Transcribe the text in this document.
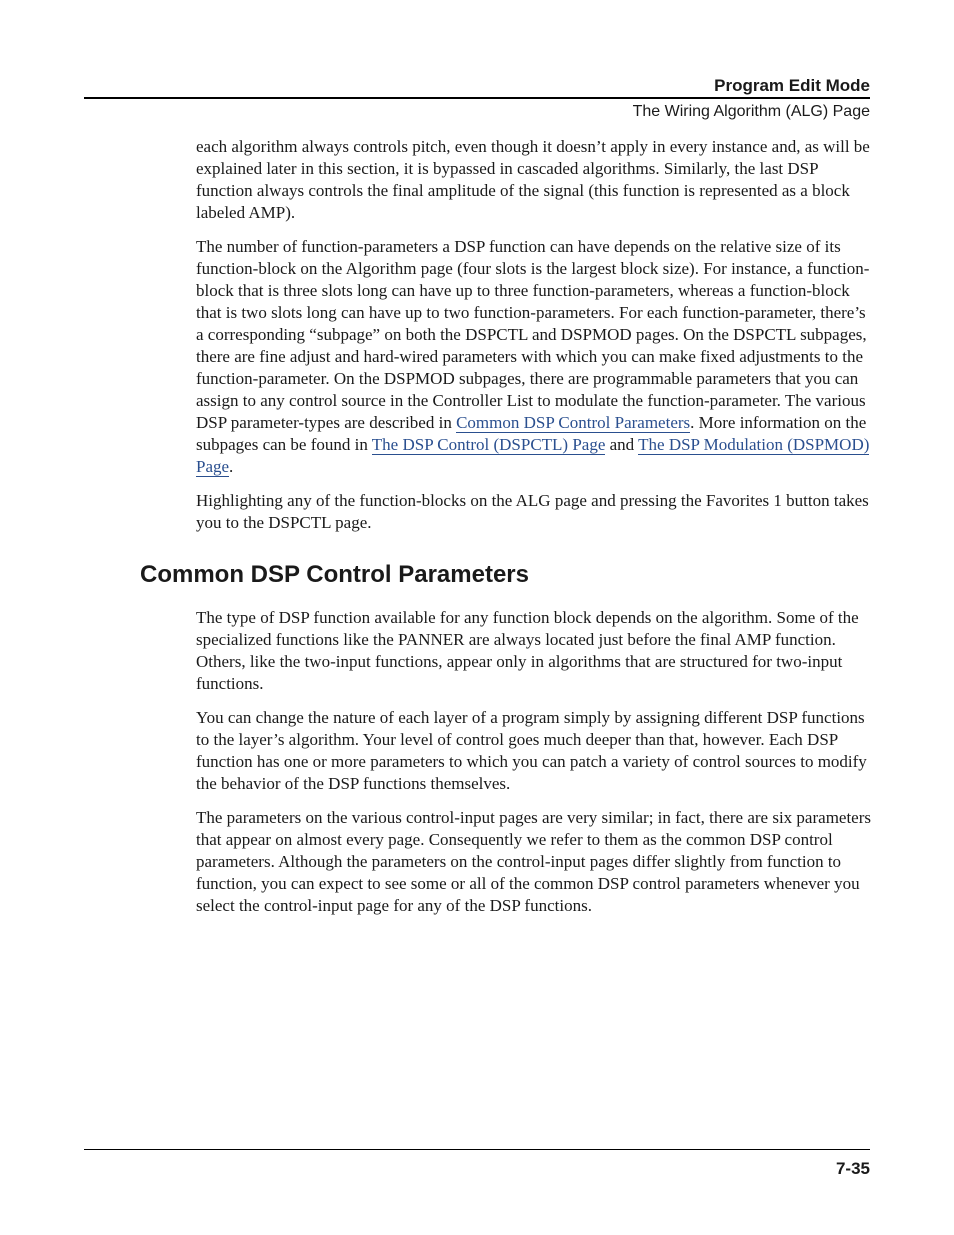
Program Edit Mode
The Wiring Algorithm (ALG) Page

each algorithm always controls pitch, even though it doesn’t apply in every instance and, as will be explained later in this section, it is bypassed in cascaded algorithms. Similarly, the last DSP function always controls the final amplitude of the signal (this function is represented as a block labeled AMP).

The number of function-parameters a DSP function can have depends on the relative size of its function-block on the Algorithm page (four slots is the largest block size). For instance, a function-block that is three slots long can have up to three function-parameters, whereas a function-block that is two slots long can have up to two function-parameters. For each function-parameter, there’s a corresponding “subpage” on both the DSPCTL and DSPMOD pages. On the DSPCTL subpages, there are fine adjust and hard-wired parameters with which you can make fixed adjustments to the function-parameter. On the DSPMOD subpages, there are programmable parameters that you can assign to any control source in the Controller List to modulate the function-parameter. The various DSP parameter-types are described in Common DSP Control Parameters. More information on the subpages can be found in The DSP Control (DSPCTL) Page and The DSP Modulation (DSPMOD) Page.

Highlighting any of the function-blocks on the ALG page and pressing the Favorites 1 button takes you to the DSPCTL page.

Common DSP Control Parameters

The type of DSP function available for any function block depends on the algorithm. Some of the specialized functions like the PANNER are always located just before the final AMP function. Others, like the two-input functions, appear only in algorithms that are structured for two-input functions.

You can change the nature of each layer of a program simply by assigning different DSP functions to the layer’s algorithm. Your level of control goes much deeper than that, however. Each DSP function has one or more parameters to which you can patch a variety of control sources to modify the behavior of the DSP functions themselves.

The parameters on the various control-input pages are very similar; in fact, there are six parameters that appear on almost every page. Consequently we refer to them as the common DSP control parameters. Although the parameters on the control-input pages differ slightly from function to function, you can expect to see some or all of the common DSP control parameters whenever you select the control-input page for any of the DSP functions.

7-35
